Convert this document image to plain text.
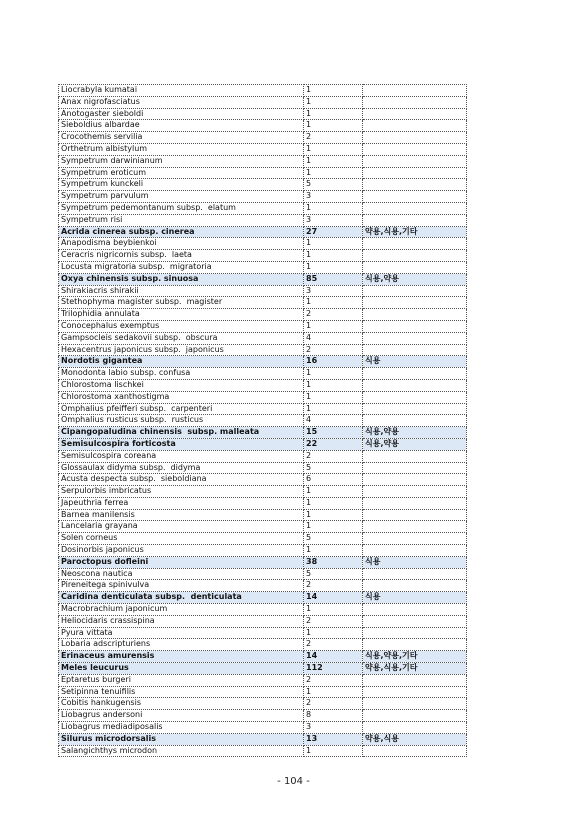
Liocrabyla kumatai	1	
Anax nigrofasciatus	1	
Anotogaster sieboldi	1	
Sieboldius albardae	1	
Crocothemis servilia	2	
Orthetrum albistylum	1	
Sympetrum darwinianum	1	
Sympetrum eroticum	1	
Sympetrum kunckeli	5	
Sympetrum parvulum	3	
Sympetrum pedemontanum subsp.  elatum	1	
Sympetrum risi	3	
Acrida cinerea subsp. cinerea	27	약용,식용,기타
Anapodisma beybienkoi	1	
Ceracris nigricornis subsp.  laeta	1	
Locusta migratoria subsp.  migratoria	1	
Oxya chinensis subsp. sinuosa	85	식용,약용
Shirakiacris shirakii	3	
Stethophyma magister subsp.  magister	1	
Trilophidia annulata	2	
Conocephalus exemptus	1	
Gampsocleis sedakovii subsp.  obscura	4	
Hexacentrus japonicus subsp.  japonicus	2	
Nordotis gigantea	16	식용
Monodonta labio subsp. confusa	1	
Chlorostoma lischkei	1	
Chlorostoma xanthostigma	1	
Omphalius pfeifferi subsp.  carpenteri	1	
Omphalius rusticus subsp.  rusticus	4	
Cipangopaludina chinensis  subsp. malleata	15	식용,약용
Semisulcospira forticosta	22	식용,약용
Semisulcospira coreana	2	
Glossaulax didyma subsp.  didyma	5	
Acusta despecta subsp.  sieboldiana	6	
Serpulorbis imbricatus	1	
Japeuthria ferrea	1	
Barnea manilensis	1	
Lancelaria grayana	1	
Solen corneus	5	
Dosinorbis japonicus	1	
Paroctopus dofleini	38	식용
Neoscona nautica	5	
Pireneitega spinivulva	2	
Caridina denticulata subsp.  denticulata	14	식용
Macrobrachium japonicum	1	
Heliocidaris crassispina	2	
Pyura vittata	1	
Lobaria adscripturiens	2	
Erinaceus amurensis	14	식용,약용,기타
Meles leucurus	112	약용,식용,기타
Eptaretus burgeri	2	
Setipinna tenuifilis	1	
Cobitis hankugensis	2	
Liobagrus andersoni	8	
Liobagrus mediadiposalis	3	
Silurus microdorsalis	13	약용,식용
Salangichthys microdon	1	
- 104 -
